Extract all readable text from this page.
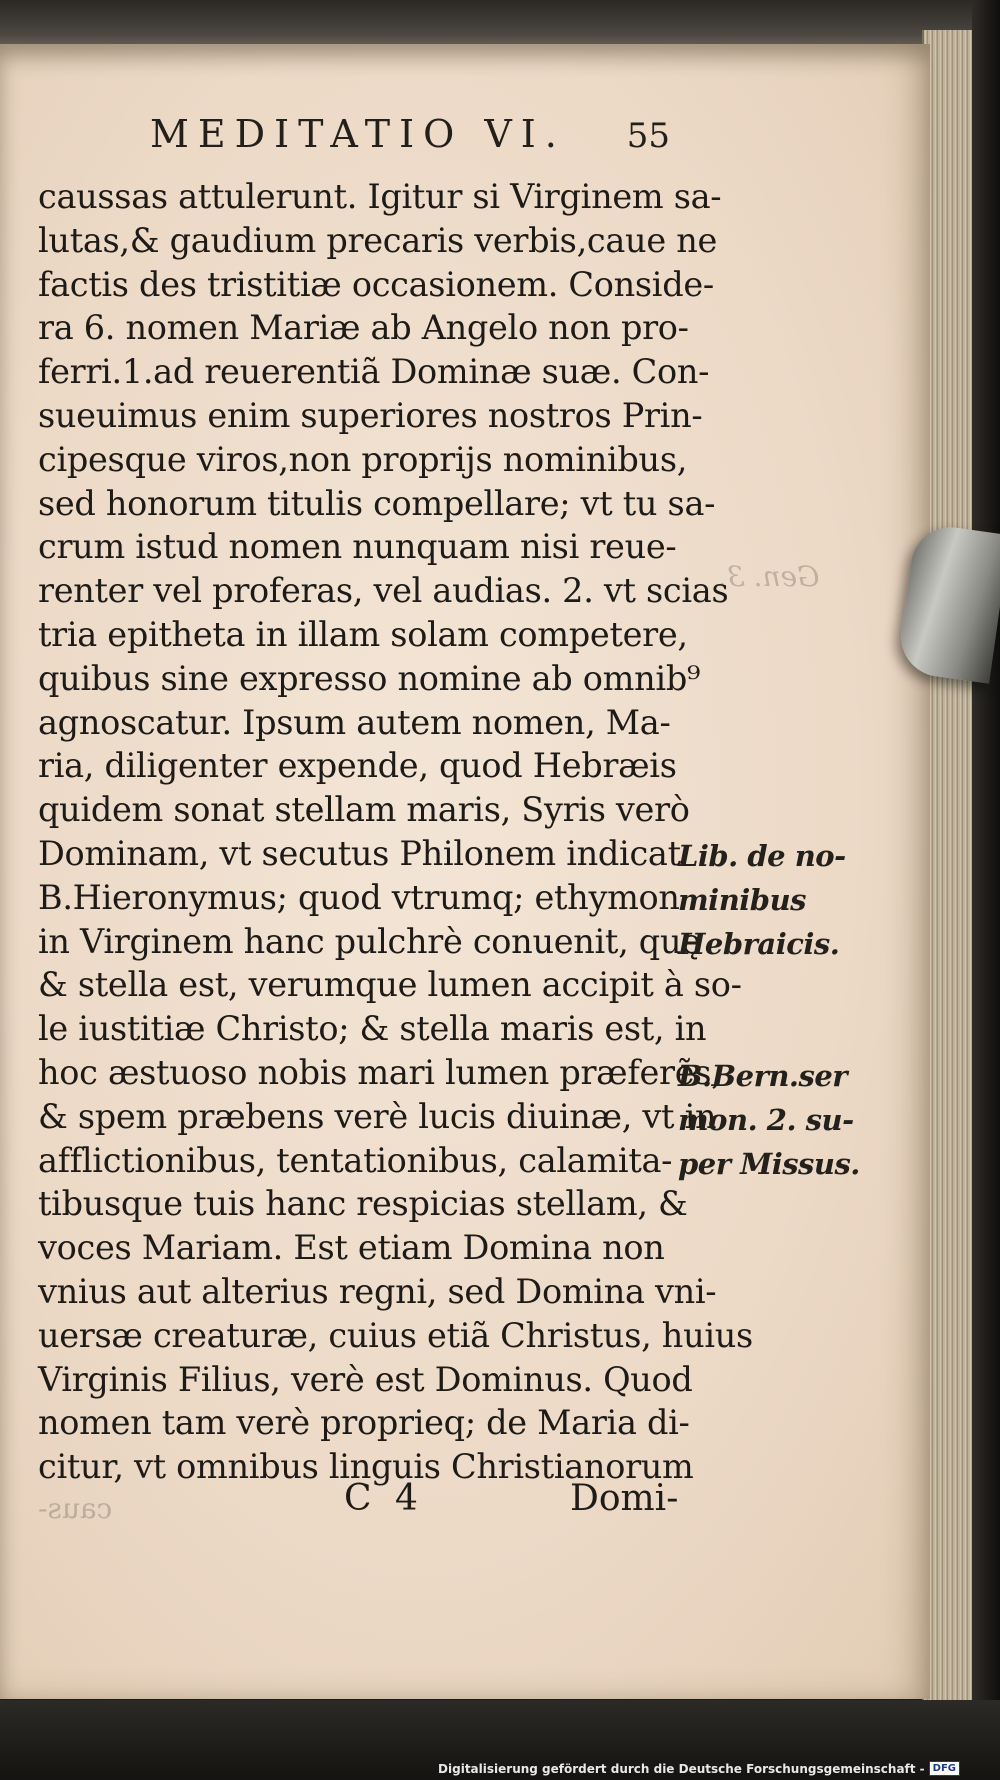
MEDITATIO VI. 55
caussas attulerunt. Igitur si Virginem sa-
lutas,& gaudium precaris verbis,caue ne
factis des tristitiæ occasionem. Conside-
ra 6. nomen Mariæ ab Angelo non pro-
ferri.1.ad reuerentiã Dominæ suæ. Con-
sueuimus enim superiores nostros Prin-
cipesque viros,non proprijs nominibus,
sed honorum titulis compellare; vt tu sa-
crum istud nomen nunquam nisi reue-
renter vel proferas, vel audias. 2. vt scias
tria epitheta in illam solam competere,
quibus sine expresso nomine ab omnib⁹
agnoscatur. Ipsum autem nomen, Ma-
ria, diligenter expende, quod Hebræis
quidem sonat stellam maris, Syris verò
Dominam, vt secutus Philonem indicat
B.Hieronymus; quod vtrumq; ethymon
in Virginem hanc pulchrè conuenit, quę
& stella est, verumque lumen accipit à so-
le iustitiæ Christo; & stella maris est, in
hoc æstuoso nobis mari lumen præferẽs,
& spem præbens verè lucis diuinæ, vt in
afflictionibus, tentationibus, calamita-
tibusque tuis hanc respicias stellam, &
voces Mariam. Est etiam Domina non
vnius aut alterius regni, sed Domina vni-
uersæ creaturæ, cuius etiã Christus, huius
Virginis Filius, verè est Dominus. Quod
nomen tam verè proprieq; de Maria di-
citur, vt omnibus linguis Christianorum
Lib. de no-
minibus
Hebraicis.
B.Bern.ser
mon. 2. su-
per Missus.
Gen. 3.
caus-	C 4	Domi-
Digitalisierung gefördert durch die Deutsche Forschungsgemeinschaft - DFG
